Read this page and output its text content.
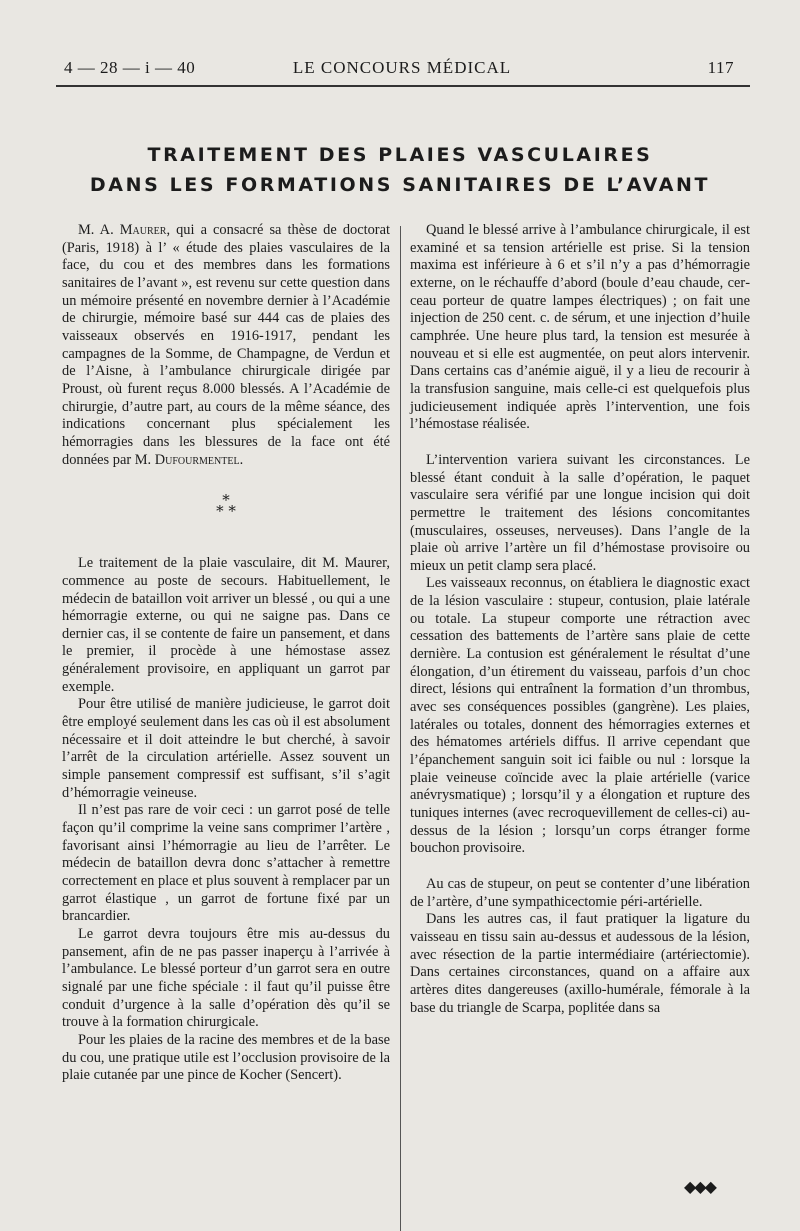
4 — 28 — i — 40	LE CONCOURS MÉDICAL	117
TRAITEMENT DES PLAIES VASCULAIRES
DANS LES FORMATIONS SANITAIRES DE L’AVANT

M. A. Maurer, qui a consacré sa thèse de doctorat (Paris, 1918) à l’ « étude des plaies vasculaires de la face, du cou et des membres dans les formations sanitaires de l’avant », est revenu sur cette question dans un mémoire présenté en novembre dernier à l’Académie de chirurgie, mémoire basé sur 444 cas de plaies des vaisseaux observés en 1916-1917, pendant les campagnes de la Somme, de Champagne, de Verdun et de l’Aisne, à l’ambulance chirurgicale dirigée par Proust, où furent reçus 8.000 blessés. A l’Académie de chirurgie, d’autre part, au cours de la même séance, des indications concernant plus spécialement les hémorragies dans les blessures de la face ont été données par M. Dufourmentel.

*
* *

Le traitement de la plaie vasculaire, dit M. Maurer, commence au poste de secours. Habituellement, le médecin de bataillon voit arriver un blessé , ou qui a une hémorragie externe, ou qui ne saigne pas. Dans ce dernier cas, il se contente de faire un pansement, et dans le premier, il procède à une hémostase assez généralement provisoire, en appliquant un garrot par exemple.

Pour être utilisé de manière judicieuse, le garrot doit être employé seulement dans les cas où il est absolument nécessaire et il doit atteindre le but cherché, à savoir l’arrêt de la circulation artérielle. Assez souvent un simple pansement compressif est suffisant, s’il s’agit d’hémorragie veineuse.

Il n’est pas rare de voir ceci : un garrot posé de telle façon qu’il comprime la veine sans comprimer l’artère , favorisant ainsi l’hémorragie au lieu de l’arrêter. Le médecin de bataillon devra donc s’attacher à remettre correctement en place et plus souvent à remplacer par un garrot élastique , un garrot de fortune fixé par un brancardier.

Le garrot devra toujours être mis au-dessus du pansement, afin de ne pas passer inaperçu à l’arrivée à l’ambulance. Le blessé porteur d’un garrot sera en outre signalé par une fiche spéciale : il faut qu’il puisse être conduit d’urgence à la salle d’opération dès qu’il se trouve à la formation chirurgicale.

Pour les plaies de la racine des membres et de la base du cou, une pratique utile est l’occlusion provisoire de la plaie cutanée par une pince de Kocher (Sencert).

Quand le blessé arrive à l’ambulance chirurgicale, il est examiné et sa tension artérielle est prise. Si la tension maxima est inférieure à 6 et s’il n’y a pas d’hémorragie externe, on le réchauffe d’abord (boule d’eau chaude, cerceau porteur de quatre lampes électriques) ; on fait une injection de 250 cent. c. de sérum, et une injection d’huile camphrée. Une heure plus tard, la tension est mesurée à nouveau et si elle est augmentée, on peut alors intervenir. Dans certains cas d’anémie aiguë, il y a lieu de recourir à la transfusion sanguine, mais celle-ci est quelquefois plus judicieusement indiquée après l’intervention, une fois l’hémostase réalisée.

L’intervention variera suivant les circonstances. Le blessé étant conduit à la salle d’opération, le paquet vasculaire sera vérifié par une longue incision qui doit permettre le traitement des lésions concomitantes (musculaires, osseuses, nerveuses). Dans l’angle de la plaie où arrive l’artère un fil d’hémostase provisoire ou mieux un petit clamp sera placé.

Les vaisseaux reconnus, on établiera le diagnostic exact de la lésion vasculaire : stupeur, contusion, plaie latérale ou totale. La stupeur comporte une rétraction avec cessation des battements de l’artère sans plaie de cette dernière. La contusion est généralement le résultat d’une élongation, d’un étirement du vaisseau, parfois d’un choc direct, lésions qui entraînent la formation d’un thrombus, avec ses conséquences possibles (gangrène). Les plaies, latérales ou totales, donnent des hémorragies externes et des hématomes artériels diffus. Il arrive cependant que l’épanchement sanguin soit ici faible ou nul : lorsque la plaie veineuse coïncide avec la plaie artérielle (varice anévrysmatique) ; lorsqu’il y a élongation et rupture des tuniques internes (avec recroquevillement de celles-ci) au-dessus de la lésion ; lorsqu’un corps étranger forme bouchon provisoire.

Au cas de stupeur, on peut se contenter d’une libération de l’artère, d’une sympathicectomie péri-artérielle.

Dans les autres cas, il faut pratiquer la ligature du vaisseau en tissu sain au-dessus et audessous de la lésion, avec résection de la partie intermédiaire (artériectomie). Dans certaines circonstances, quand on a affaire aux artères dites dangereuses (axillo-humérale, fémorale à la base du triangle de Scarpa, poplitée dans sa

◆◆◆
